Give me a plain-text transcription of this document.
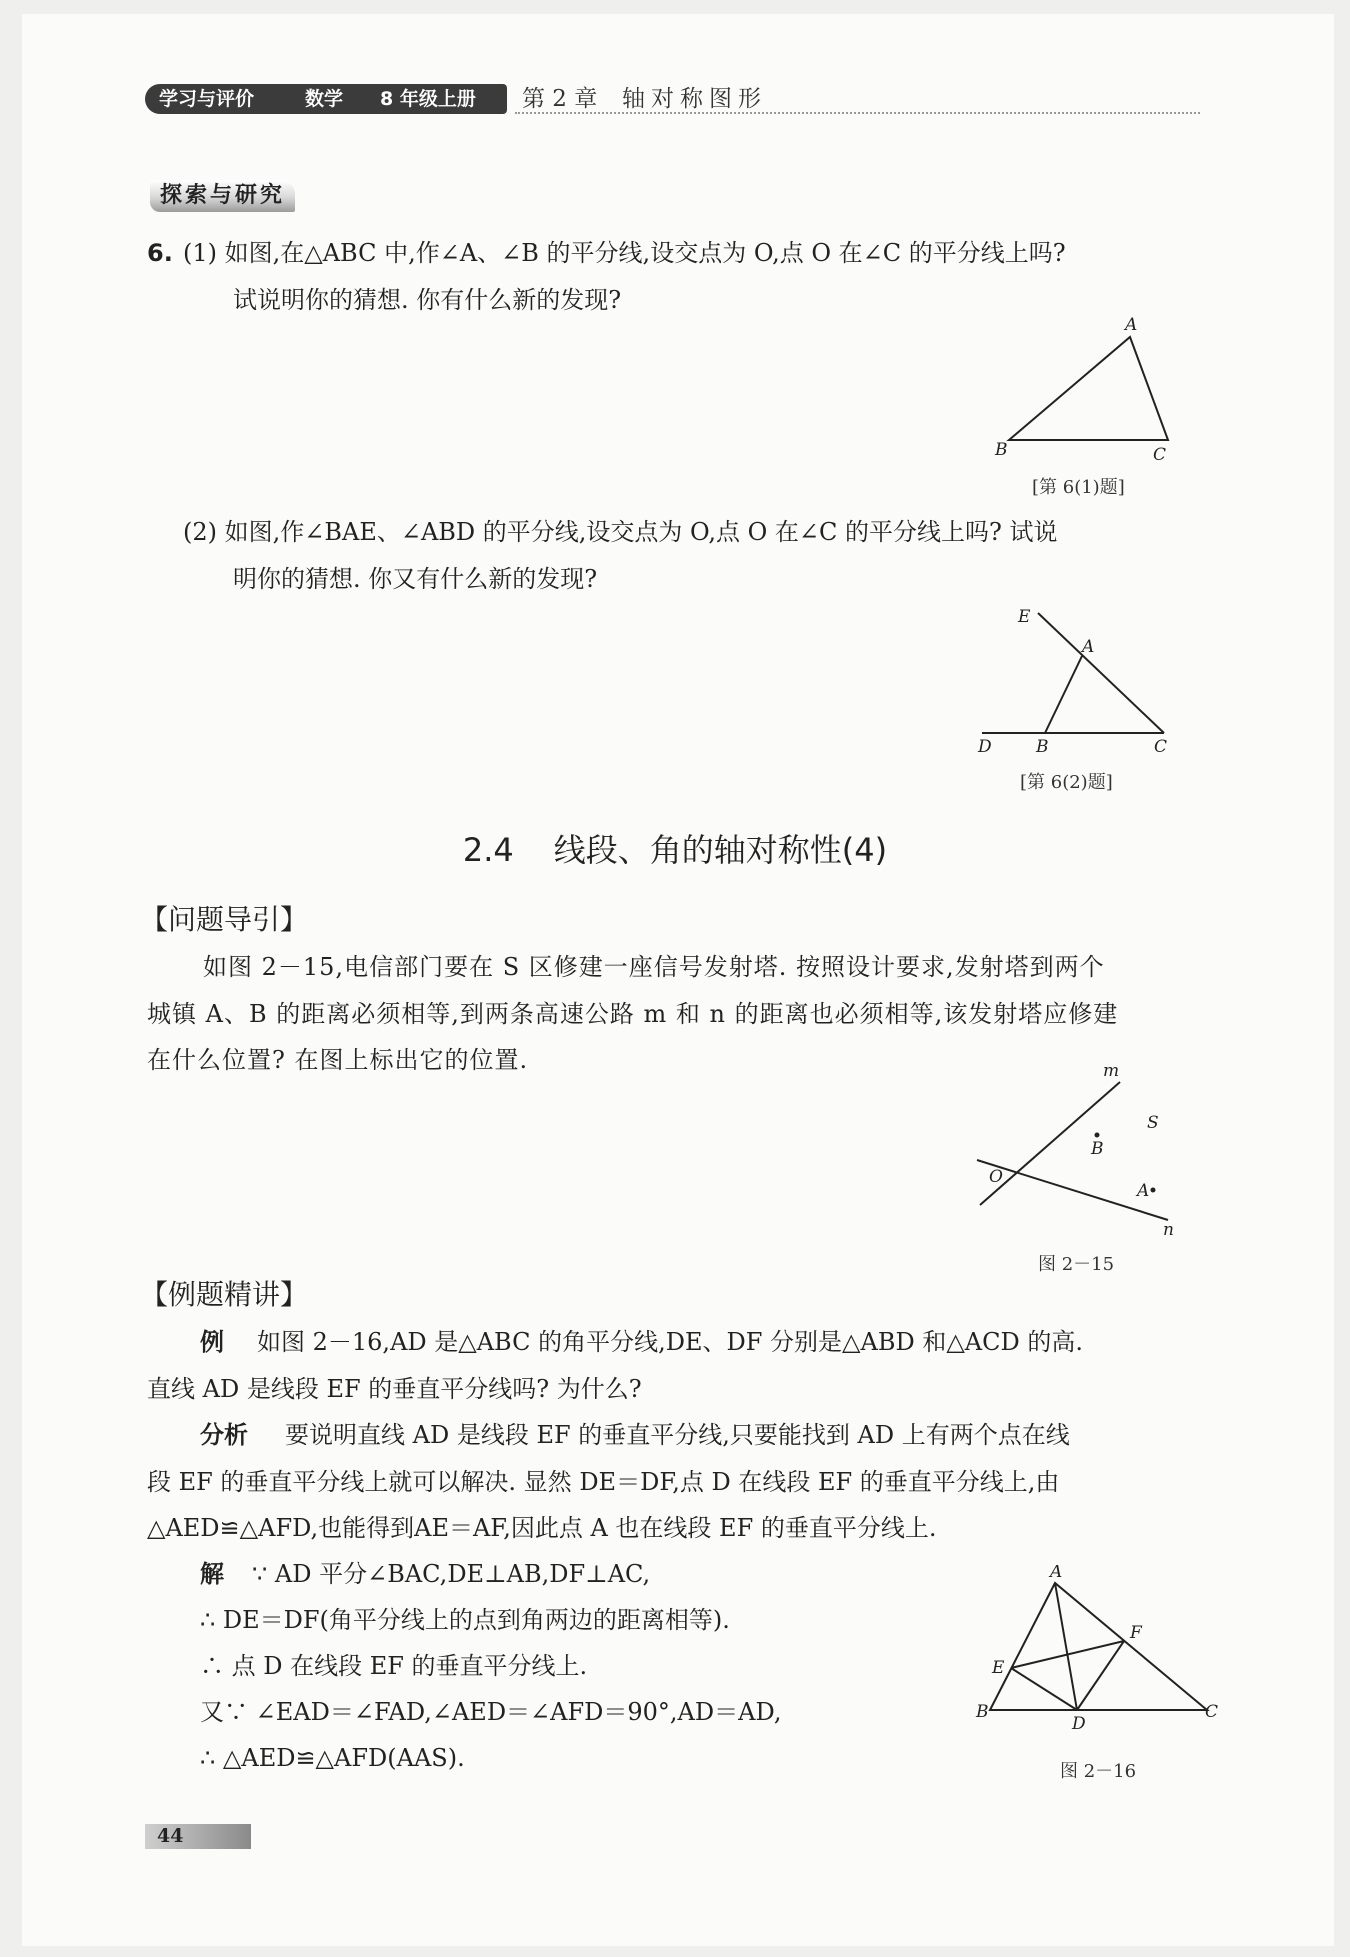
学习与评价	数学 8 年级上册 第 2 章 轴对称图形
探索与研究
6. (1) 如图,在△ABC 中,作∠A、∠B 的平分线,设交点为 O,点 O 在∠C 的平分线上吗?
试说明你的猜想. 你有什么新的发现?
A
B	C
[第 6(1)题]
(2) 如图,作∠BAE、∠ABD 的平分线,设交点为 O,点 O 在∠C 的平分线上吗? 试说
明你的猜想. 你又有什么新的发现?
E
A
D	B	C
[第 6(2)题]
2.4 线段、角的轴对称性(4)
【问题导引】
如图 2－15,电信部门要在 S 区修建一座信号发射塔. 按照设计要求,发射塔到两个
城镇 A、B 的距离必须相等,到两条高速公路 m 和 n 的距离也必须相等,该发射塔应修建
在什么位置? 在图上标出它的位置.	m
n
S
B
A
O
图 2－15
【例题精讲】
例 如图 2－16,AD 是△ABC 的角平分线,DE、DF 分别是△ABD 和△ACD 的高.
直线 AD 是线段 EF 的垂直平分线吗? 为什么?
分析 要说明直线 AD 是线段 EF 的垂直平分线,只要能找到 AD 上有两个点在线
段 EF 的垂直平分线上就可以解决. 显然 DE＝DF,点 D 在线段 EF 的垂直平分线上,由
△AED≌△AFD,也能得到AE＝AF,因此点 A 也在线段 EF 的垂直平分线上.
解 ∵ AD 平分∠BAC,DE⊥AB,DF⊥AC,
∴ DE＝DF(角平分线上的点到角两边的距离相等).
∴ 点 D 在线段 EF 的垂直平分线上.
又∵ ∠EAD＝∠FAD,∠AED＝∠AFD＝90°,AD＝AD,
∴ △AED≌△AFD(AAS).
A
F
E
B	C
D
图 2－16
44
